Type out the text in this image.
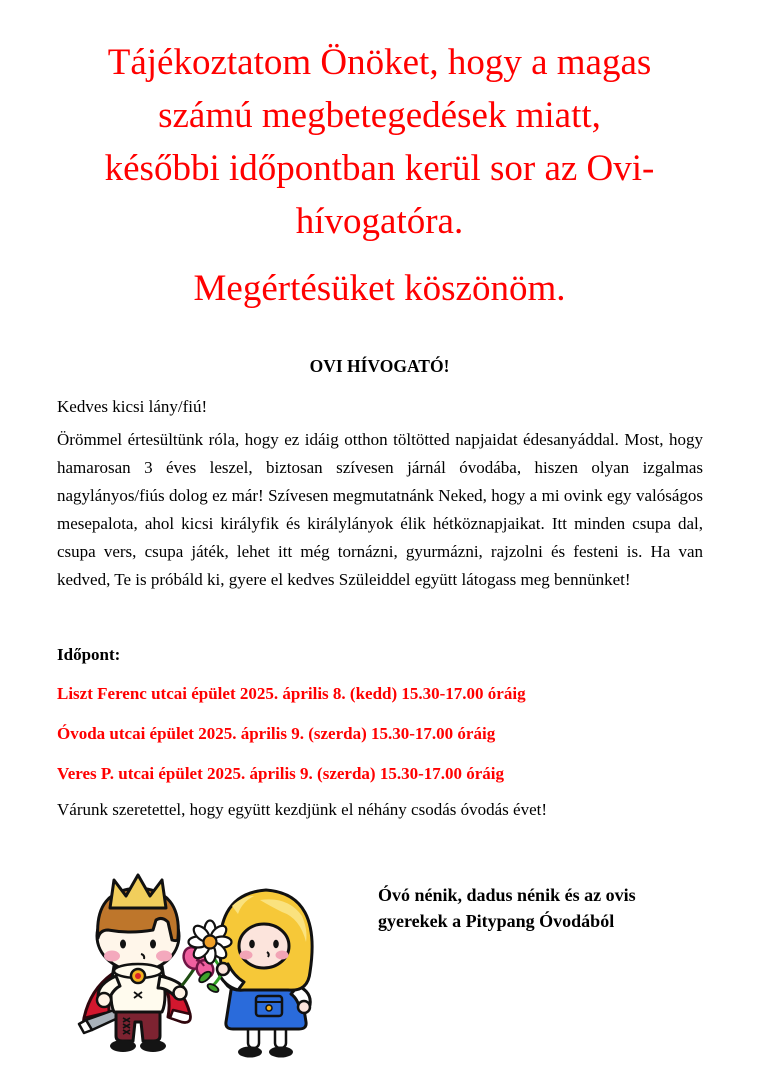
Tájékoztatom Önöket, hogy a magas
számú megbetegedések miatt,
későbbi időpontban kerül sor az Ovi-
hívogatóra.
Megértésüket köszönöm.
OVI HÍVOGATÓ!

Kedves kicsi lány/fiú!

Örömmel értesültünk róla, hogy ez idáig otthon töltötted napjaidat édesanyáddal. Most, hogy hamarosan 3 éves leszel, biztosan szívesen járnál óvodába, hiszen olyan izgalmas nagylányos/fiús dolog ez már! Szívesen megmutatnánk Neked, hogy a mi ovink egy valóságos mesepalota, ahol kicsi királyfik és királylányok élik hétköznapjaikat. Itt minden csupa dal, csupa vers, csupa játék, lehet itt még tornázni, gyurmázni, rajzolni és festeni is. Ha van kedved, Te is próbáld ki, gyere el kedves Szüleiddel együtt látogass meg bennünket!

Időpont:

Liszt Ferenc utcai épület 2025. április 8. (kedd) 15.30-17.00 óráig

Óvoda utcai épület 2025. április 9. (szerda) 15.30-17.00 óráig

Veres P. utcai épület 2025. április 9. (szerda) 15.30-17.00 óráig

Várunk szeretettel, hogy együtt kezdjünk el néhány csodás óvodás évet!

Óvó nénik, dadus nénik és az ovis
gyerekek a Pitypang Óvodából
